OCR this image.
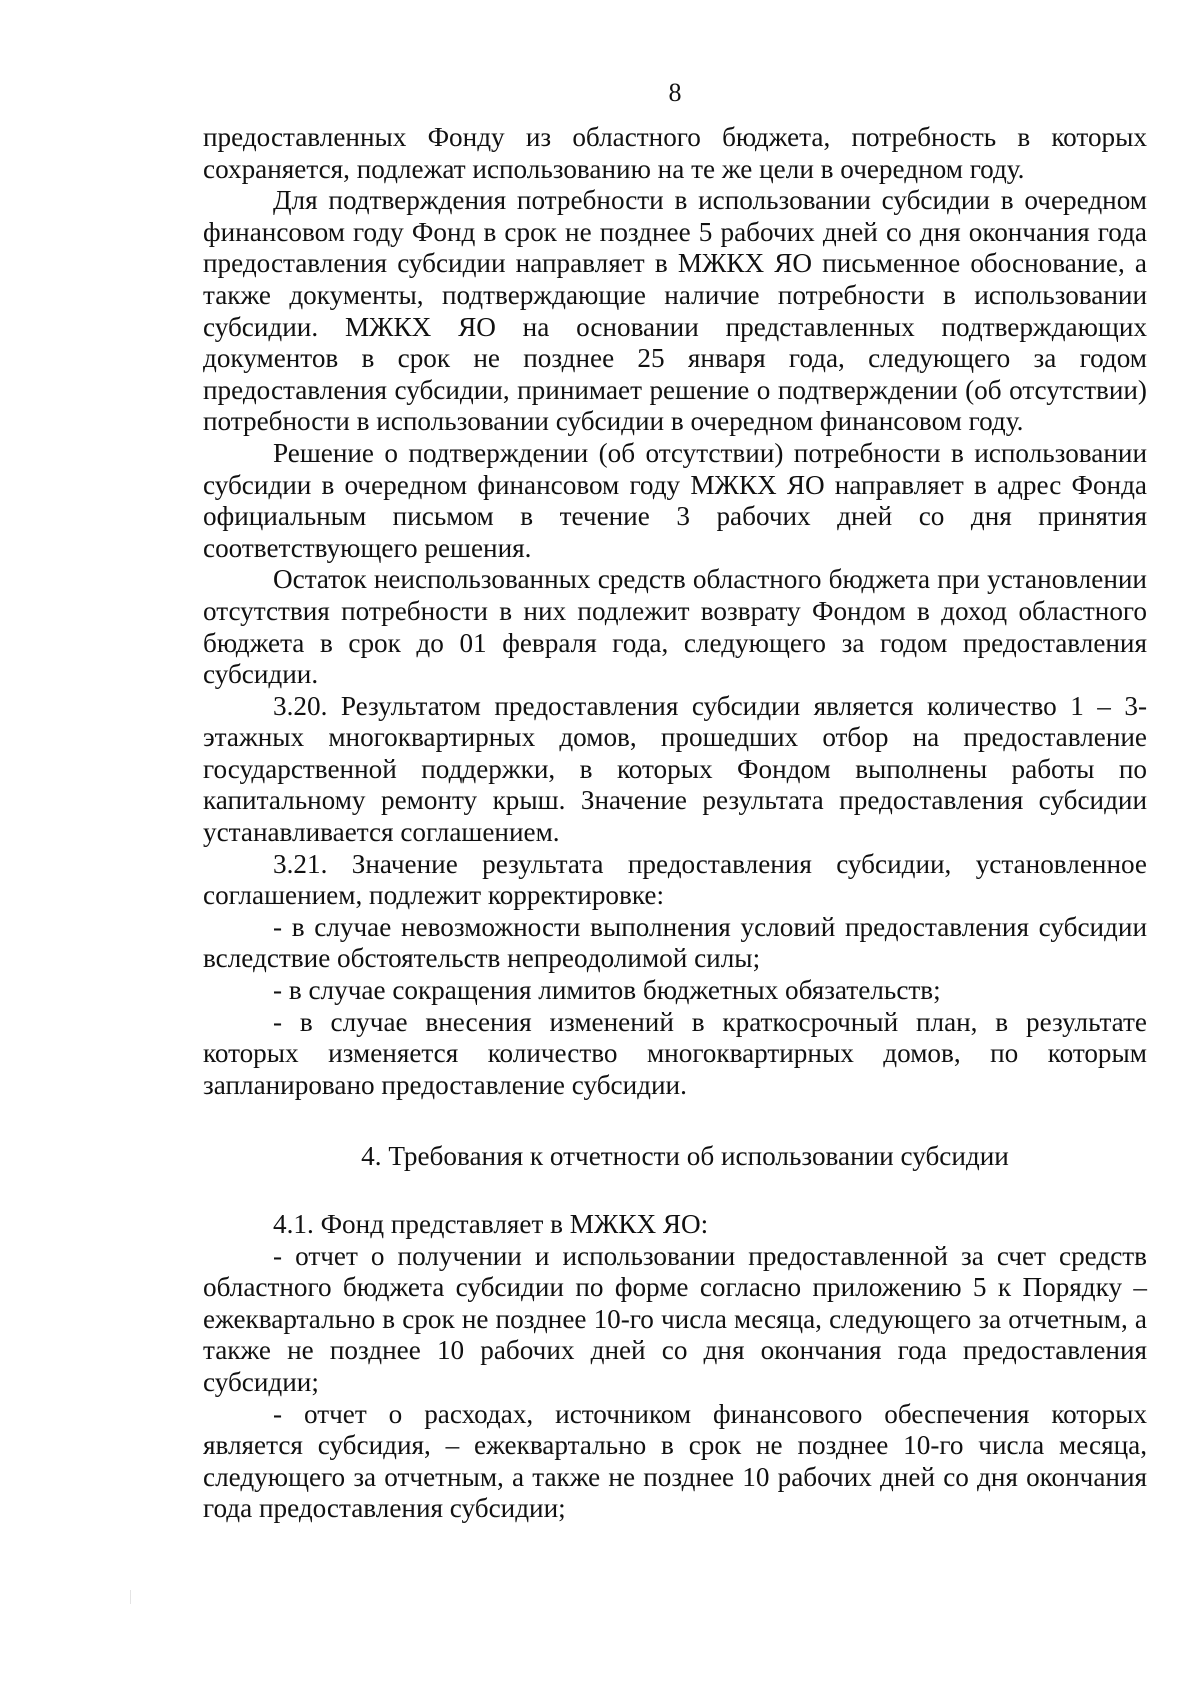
8

предоставленных Фонду из областного бюджета, потребность в которых сохраняется, подлежат использованию на те же цели в очередном году.

Для подтверждения потребности в использовании субсидии в очередном финансовом году Фонд в срок не позднее 5 рабочих дней со дня окончания года предоставления субсидии направляет в МЖКХ ЯО письменное обоснование, а также документы, подтверждающие наличие потребности в использовании субсидии. МЖКХ ЯО на основании представленных подтверждающих документов в срок не позднее 25 января года, следующего за годом предоставления субсидии, принимает решение о подтверждении (об отсутствии) потребности в использовании субсидии в очередном финансовом году.

Решение о подтверждении (об отсутствии) потребности в использовании субсидии в очередном финансовом году МЖКХ ЯО направляет в адрес Фонда официальным письмом в течение 3 рабочих дней со дня принятия соответствующего решения.

Остаток неиспользованных средств областного бюджета при установлении отсутствия потребности в них подлежит возврату Фондом в доход областного бюджета в срок до 01 февраля года, следующего за годом предоставления субсидии.

3.20. Результатом предоставления субсидии является количество 1 – 3-этажных многоквартирных домов, прошедших отбор на предоставление государственной поддержки, в которых Фондом выполнены работы по капитальному ремонту крыш. Значение результата предоставления субсидии устанавливается соглашением.

3.21. Значение результата предоставления субсидии, установленное соглашением, подлежит корректировке:

- в случае невозможности выполнения условий предоставления субсидии вследствие обстоятельств непреодолимой силы;

- в случае сокращения лимитов бюджетных обязательств;

- в случае внесения изменений в краткосрочный план, в результате которых изменяется количество многоквартирных домов, по которым запланировано предоставление субсидии.

4. Требования к отчетности об использовании субсидии

4.1. Фонд представляет в МЖКХ ЯО:

- отчет о получении и использовании предоставленной за счет средств областного бюджета субсидии по форме согласно приложению 5 к Порядку – ежеквартально в срок не позднее 10-го числа месяца, следующего за отчетным, а также не позднее 10 рабочих дней со дня окончания года предоставления субсидии;

- отчет о расходах, источником финансового обеспечения которых является субсидия, – ежеквартально в срок не позднее 10-го числа месяца, следующего за отчетным, а также не позднее 10 рабочих дней со дня окончания года предоставления субсидии;
